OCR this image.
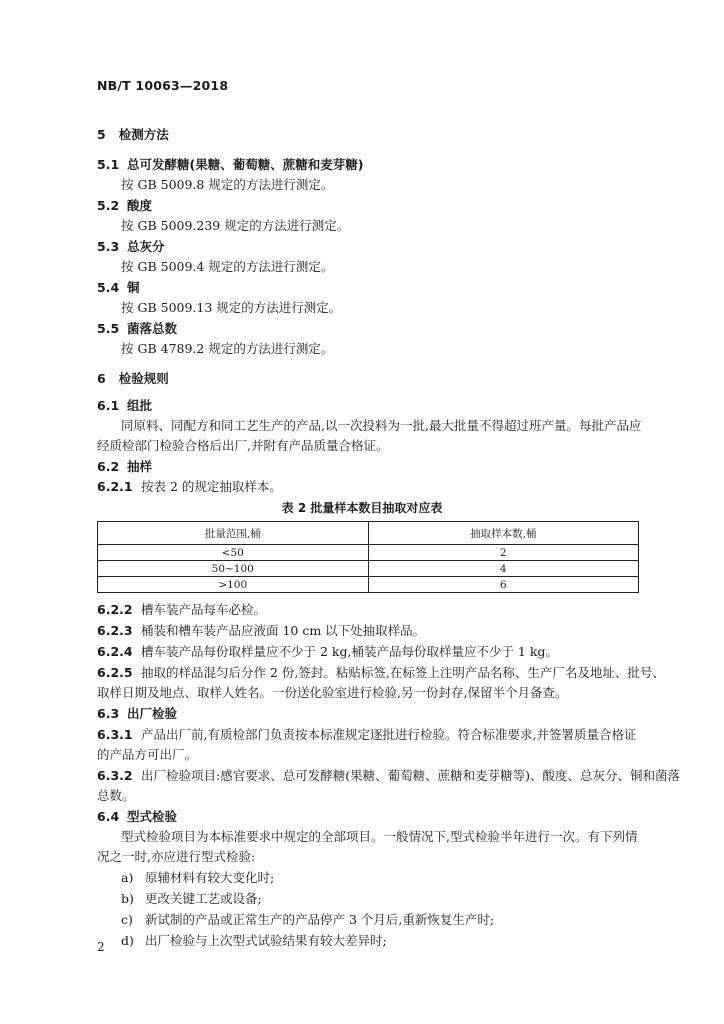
NB/T 10063—2018
5 检测方法
5.1 总可发酵糖(果糖、葡萄糖、蔗糖和麦芽糖)
按 GB 5009.8 规定的方法进行测定。
5.2 酸度
按 GB 5009.239 规定的方法进行测定。
5.3 总灰分
按 GB 5009.4 规定的方法进行测定。
5.4 铜
按 GB 5009.13 规定的方法进行测定。
5.5 菌落总数
按 GB 4789.2 规定的方法进行测定。
6 检验规则
6.1 组批
同原料、同配方和同工艺生产的产品,以一次投料为一批,最大批量不得超过班产量。每批产品应
经质检部门检验合格后出厂,并附有产品质量合格证。
6.2 抽样
6.2.1 按表 2 的规定抽取样本。
表 2 批量样本数目抽取对应表
批量范围,桶	抽取样本数,桶
<50	2
50~100	4
>100	6
6.2.2 槽车装产品每车必检。
6.2.3 桶装和槽车装产品应液面 10 cm 以下处抽取样品。
6.2.4 槽车装产品每份取样量应不少于 2 kg,桶装产品每份取样量应不少于 1 kg。
6.2.5 抽取的样品混匀后分作 2 份,签封。粘贴标签,在标签上注明产品名称、生产厂名及地址、批号、
取样日期及地点、取样人姓名。一份送化验室进行检验,另一份封存,保留半个月备查。
6.3 出厂检验
6.3.1 产品出厂前,有质检部门负责按本标准规定逐批进行检验。符合标准要求,并签署质量合格证
的产品方可出厂。
6.3.2 出厂检验项目:感官要求、总可发酵糖(果糖、葡萄糖、蔗糖和麦芽糖等)、酸度、总灰分、铜和菌落
总数。
6.4 型式检验
型式检验项目为本标准要求中规定的全部项目。一般情况下,型式检验半年进行一次。有下列情
况之一时,亦应进行型式检验:
a) 原辅材料有较大变化时;
b) 更改关键工艺或设备;
c) 新试制的产品或正常生产的产品停产 3 个月后,重新恢复生产时;
d) 出厂检验与上次型式试验结果有较大差异时;
2
